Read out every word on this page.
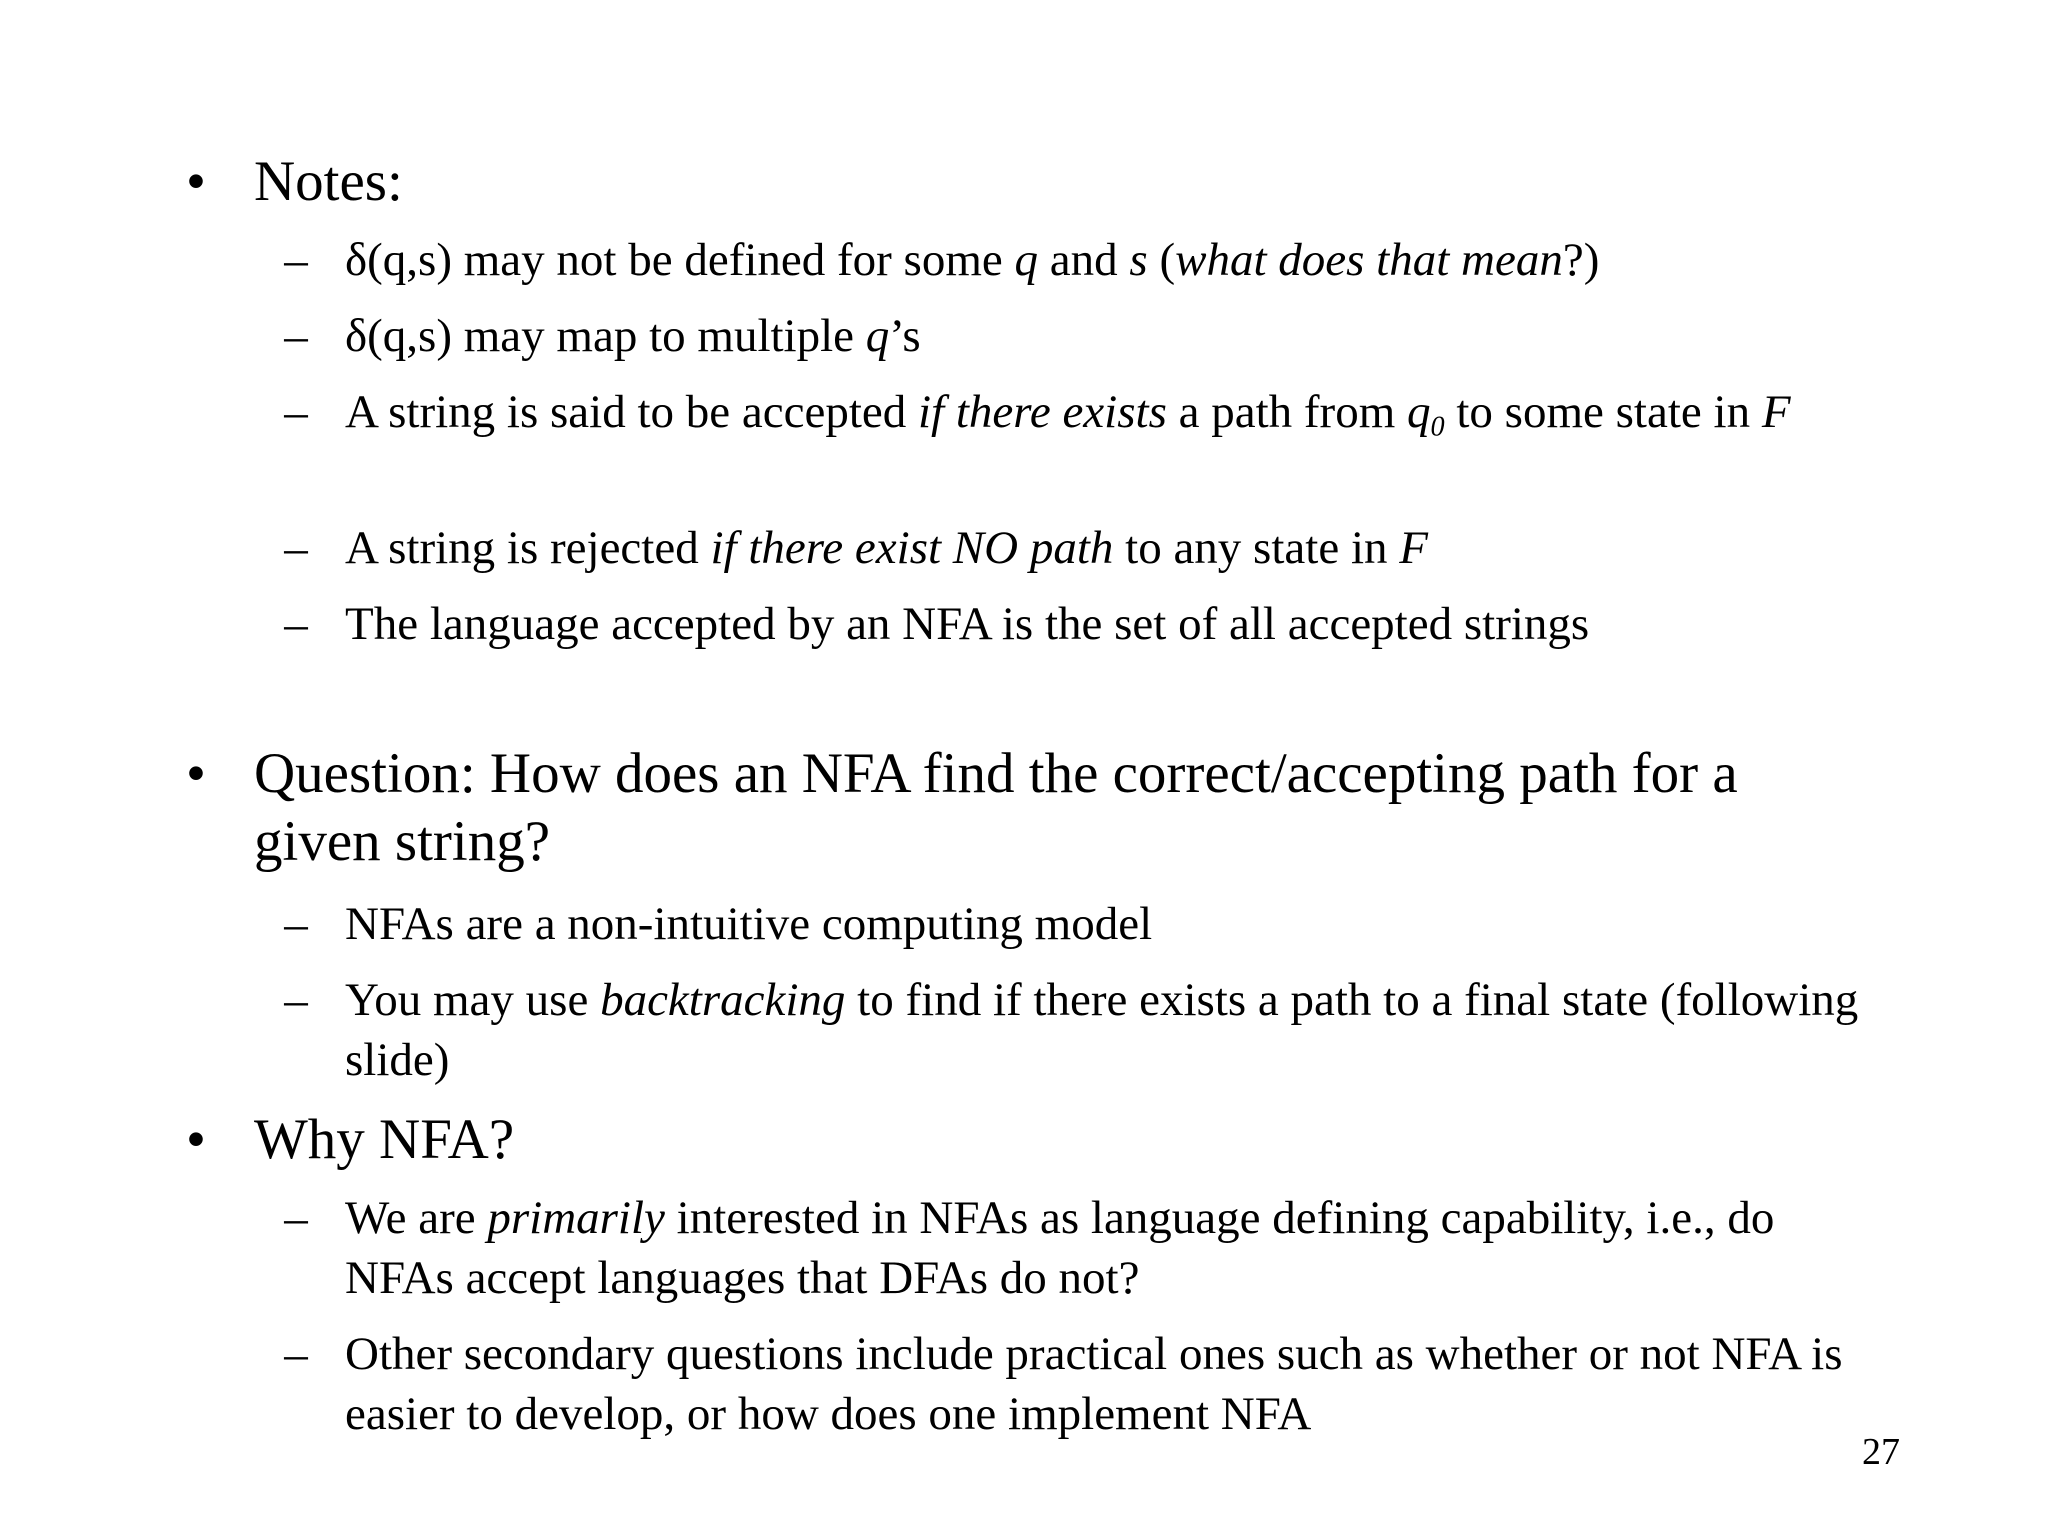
• Notes:
– δ(q,s) may not be defined for some q and s (what does that mean?)
– δ(q,s) may map to multiple q’s
– A string is said to be accepted if there exists a path from $q_0$ to some state in F
– A string is rejected if there exist NO path to any state in F
– The language accepted by an NFA is the set of all accepted strings
• Question: How does an NFA find the correct/accepting path for a given string?
– NFAs are a non-intuitive computing model
– You may use backtracking to find if there exists a path to a final state (following slide)
• Why NFA?
– We are primarily interested in NFAs as language defining capability, i.e., do NFAs accept languages that DFAs do not?
– Other secondary questions include practical ones such as whether or not NFA is easier to develop, or how does one implement NFA
27
